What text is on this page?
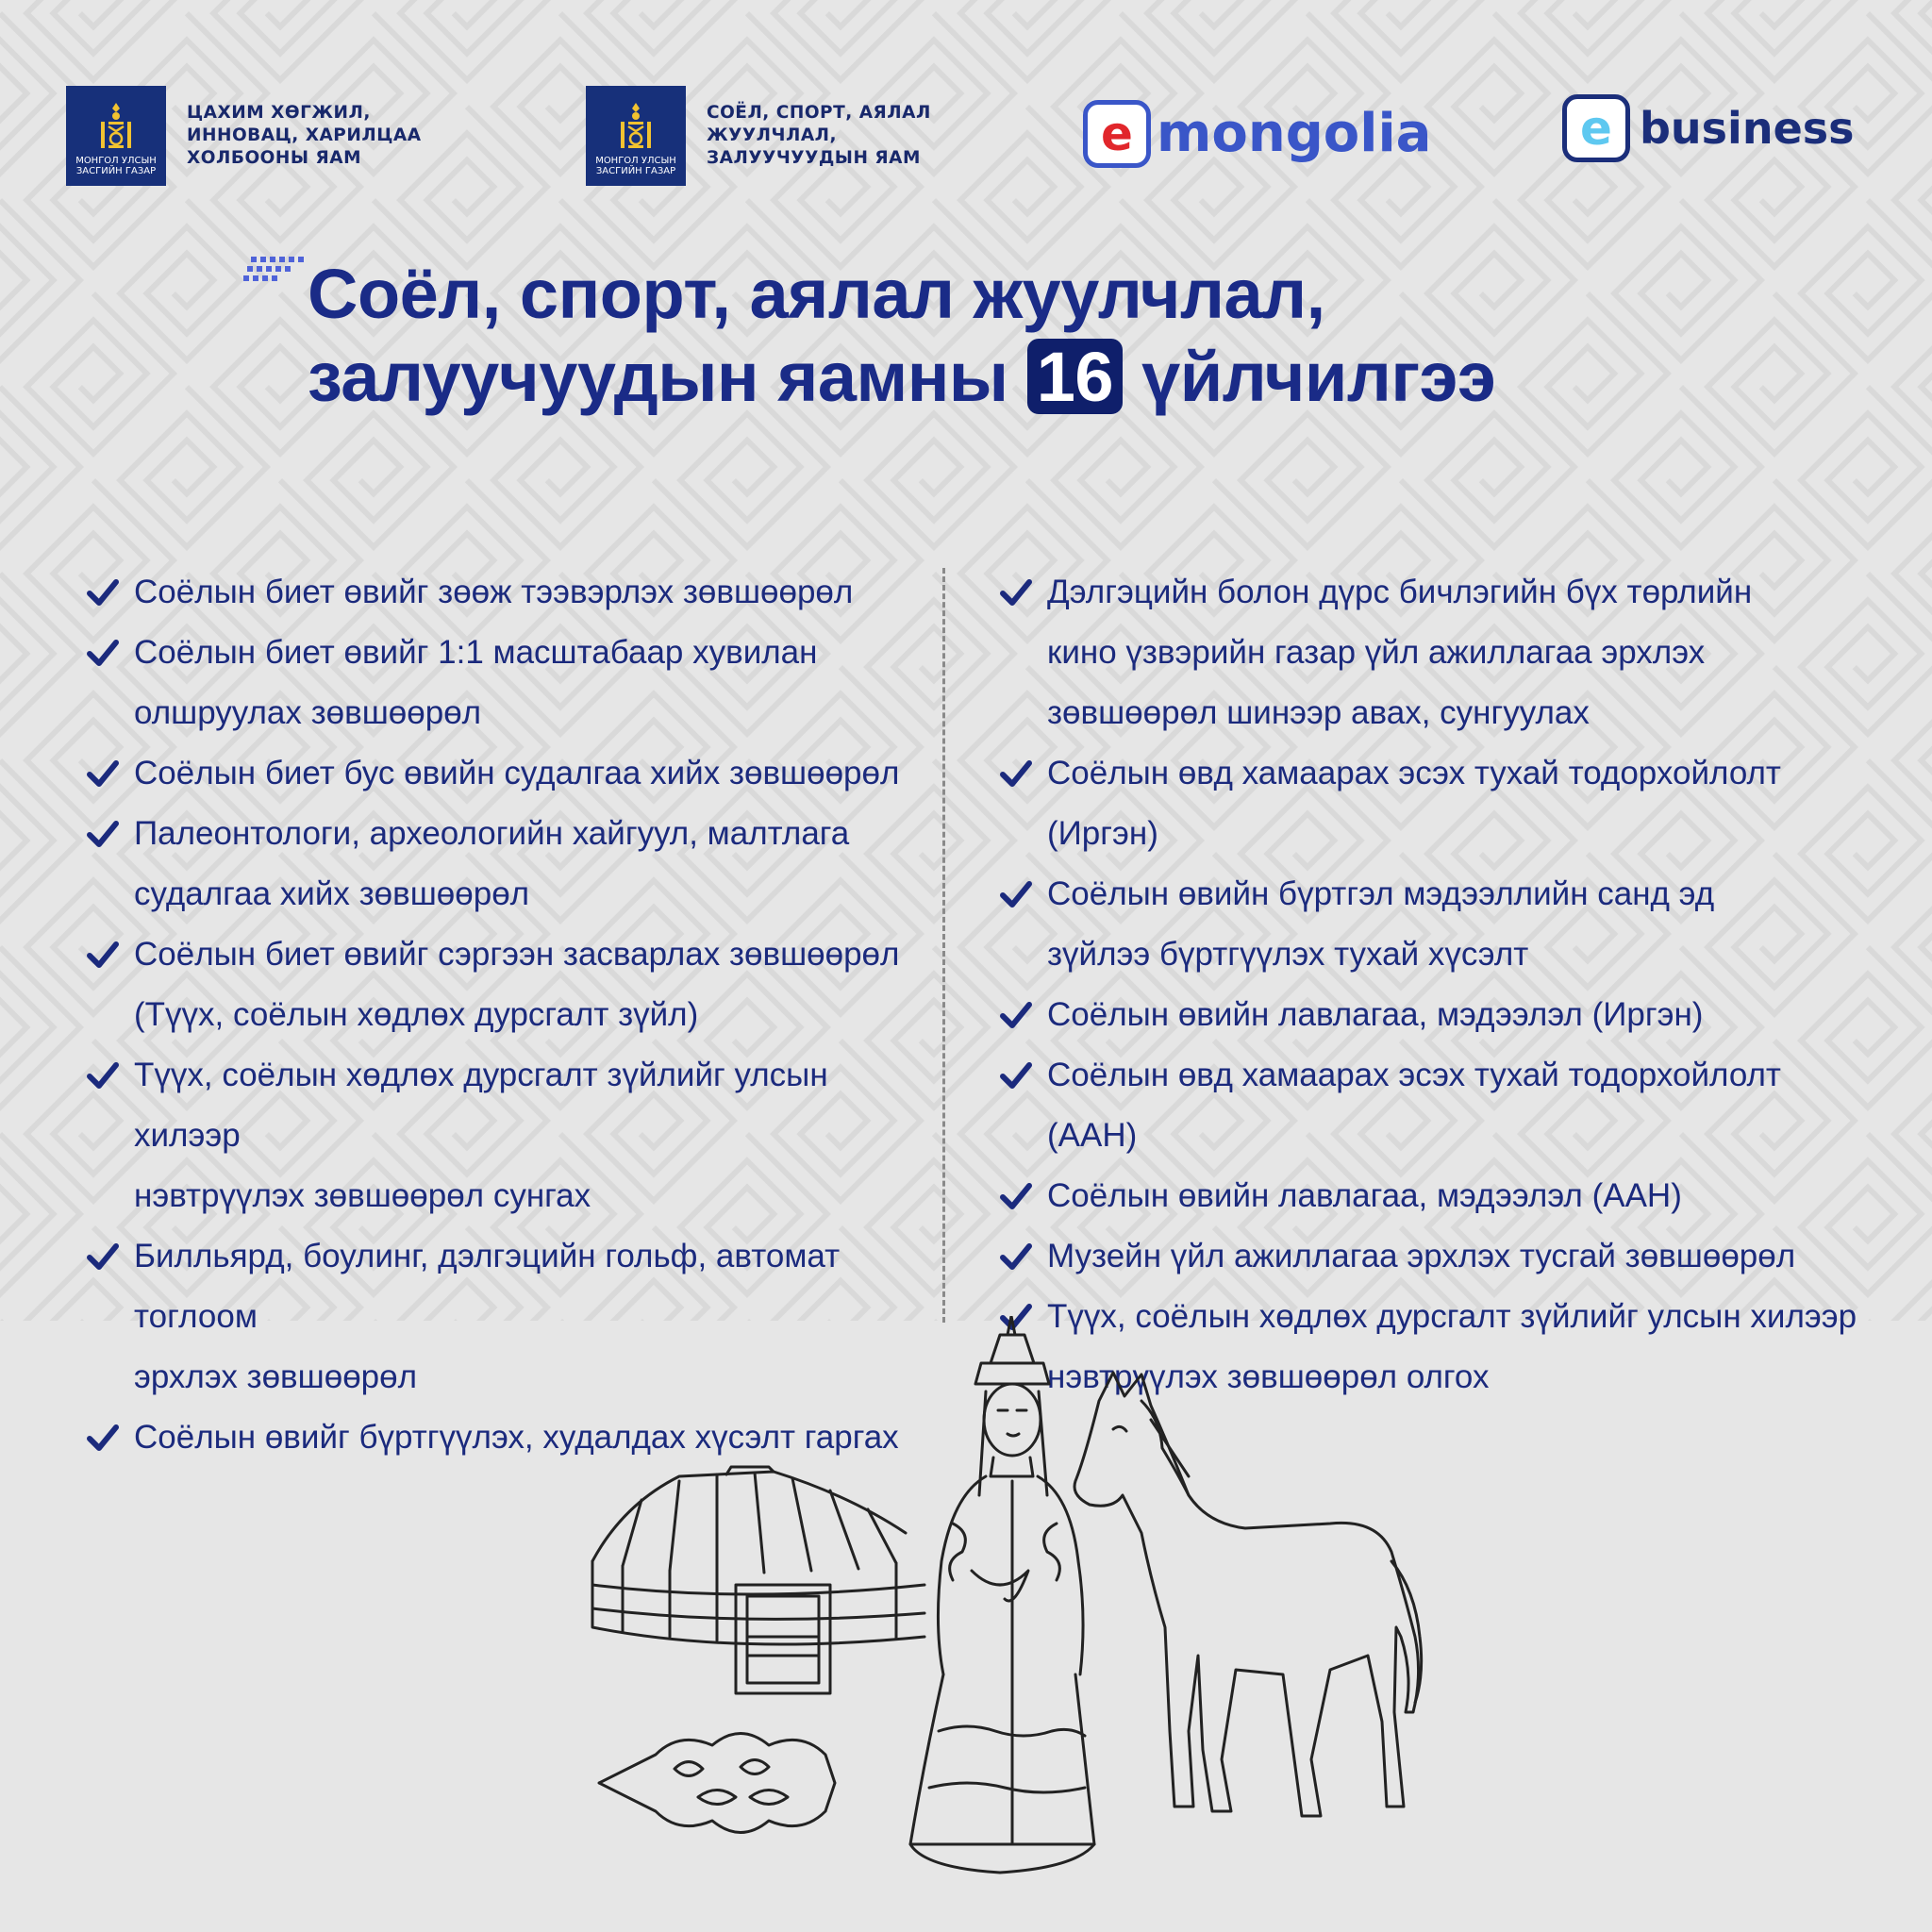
МОНГОЛ УЛСЫН ЗАСГИЙН ГАЗАР
ЦАХИМ ХӨГЖИЛ, ИННОВАЦ, ХАРИЛЦАА ХОЛБООНЫ ЯАМ	МОНГОЛ УЛСЫН ЗАСГИЙН ГАЗАР
СОЁЛ, СПОРТ, АЯЛАЛ ЖУУЛЧЛАЛ, ЗАЛУУЧУУДЫН ЯАМ	e mongolia	e business
Соёл, спорт, аялал жуулчлал,
залуучуудын яамны 16 үйлчилгээ
Соёлын биет өвийг зөөж тээвэрлэх зөвшөөрөл
Соёлын биет өвийг 1:1 масштабаар хувилан
олшруулах зөвшөөрөл
Соёлын биет бус өвийн судалгаа хийх зөвшөөрөл
Палеонтологи, археологийн хайгуул, малтлага
судалгаа хийх зөвшөөрөл
Соёлын биет өвийг сэргээн засварлах зөвшөөрөл
(Түүх, соёлын хөдлөх дурсгалт зүйл)
Түүх, соёлын хөдлөх дурсгалт зүйлийг улсын хилээр
нэвтрүүлэх зөвшөөрөл сунгах
Билльярд, боулинг, дэлгэцийн гольф, автомат тоглоом
эрхлэх зөвшөөрөл
Соёлын өвийг бүртгүүлэх, худалдах хүсэлт гаргах
Дэлгэцийн болон дүрс бичлэгийн бүх төрлийн
кино үзвэрийн газар үйл ажиллагаа эрхлэх
зөвшөөрөл шинээр авах, сунгуулах
Соёлын өвд хамаарах эсэх тухай тодорхойлолт (Иргэн)
Соёлын өвийн бүртгэл мэдээллийн санд эд
зүйлээ бүртгүүлэх тухай хүсэлт
Соёлын өвийн лавлагаа, мэдээлэл (Иргэн)
Соёлын өвд хамаарах эсэх тухай тодорхойлолт (ААН)
Соёлын өвийн лавлагаа, мэдээлэл (ААН)
Музейн үйл ажиллагаа эрхлэх тусгай зөвшөөрөл
Түүх, соёлын хөдлөх дурсгалт зүйлийг улсын хилээр
нэвтрүүлэх зөвшөөрөл олгох
